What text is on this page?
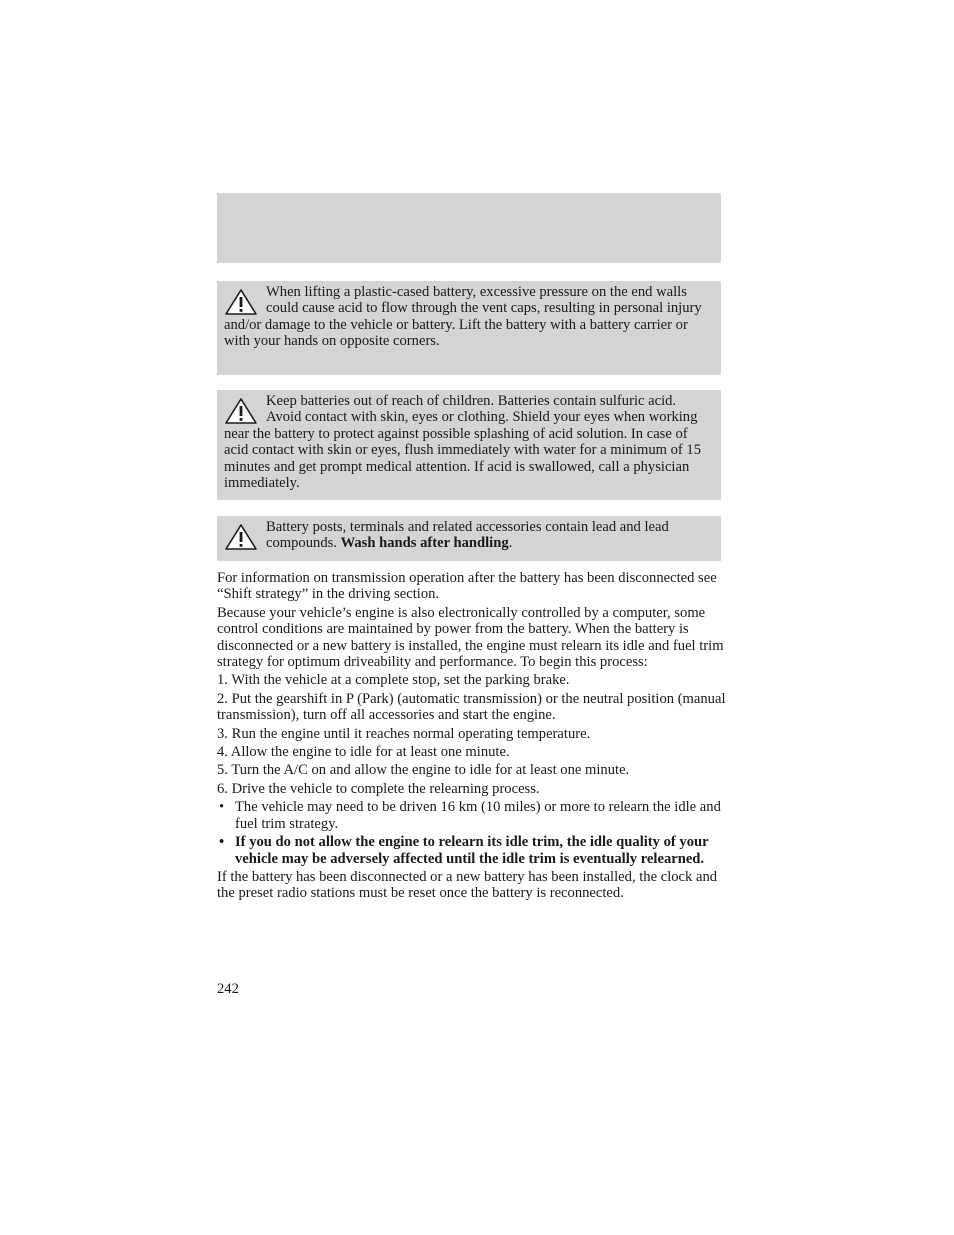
When lifting a plastic-cased battery, excessive pressure on the end walls could cause acid to flow through the vent caps, resulting in personal injury and/or damage to the vehicle or battery. Lift the battery with a battery carrier or with your hands on opposite corners.

Keep batteries out of reach of children. Batteries contain sulfuric acid. Avoid contact with skin, eyes or clothing. Shield your eyes when working near the battery to protect against possible splashing of acid solution. In case of acid contact with skin or eyes, flush immediately with water for a minimum of 15 minutes and get prompt medical attention. If acid is swallowed, call a physician immediately.

Battery posts, terminals and related accessories contain lead and lead compounds. Wash hands after handling.

For information on transmission operation after the battery has been disconnected see “Shift strategy” in the driving section.

Because your vehicle’s engine is also electronically controlled by a computer, some control conditions are maintained by power from the battery. When the battery is disconnected or a new battery is installed, the engine must relearn its idle and fuel trim strategy for optimum driveability and performance. To begin this process:

1. With the vehicle at a complete stop, set the parking brake.

2. Put the gearshift in P (Park) (automatic transmission) or the neutral position (manual transmission), turn off all accessories and start the engine.

3. Run the engine until it reaches normal operating temperature.

4. Allow the engine to idle for at least one minute.

5. Turn the A/C on and allow the engine to idle for at least one minute.

6. Drive the vehicle to complete the relearning process.

• The vehicle may need to be driven 16 km (10 miles) or more to relearn the idle and fuel trim strategy.
• If you do not allow the engine to relearn its idle trim, the idle quality of your vehicle may be adversely affected until the idle trim is eventually relearned.

If the battery has been disconnected or a new battery has been installed, the clock and the preset radio stations must be reset once the battery is reconnected.

242
